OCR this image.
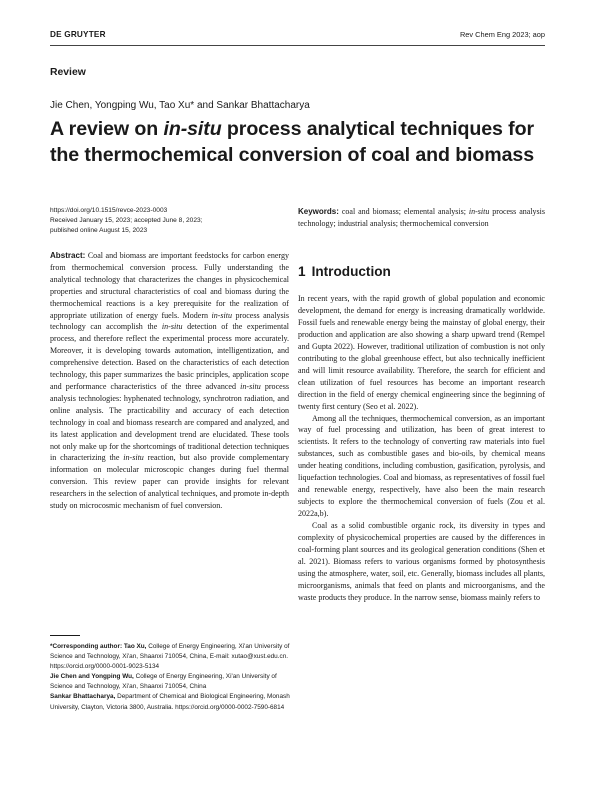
DE GRUYTER	Rev Chem Eng 2023; aop
Review
Jie Chen, Yongping Wu, Tao Xu* and Sankar Bhattacharya
A review on in-situ process analytical techniques for the thermochemical conversion of coal and biomass
https://doi.org/10.1515/revce-2023-0003
Received January 15, 2023; accepted June 8, 2023;
published online August 15, 2023
Keywords: coal and biomass; elemental analysis; in-situ process analysis technology; industrial analysis; thermochemical conversion
Abstract: Coal and biomass are important feedstocks for carbon energy from thermochemical conversion process. Fully understanding the analytical technology that characterizes the changes in physicochemical properties and structural characteristics of coal and biomass during the thermochemical reactions is a key prerequisite for the realization of appropriate utilization of energy fuels. Modern in-situ process analysis technology can accomplish the in-situ detection of the experimental process, and therefore reflect the experimental process more accurately. Moreover, it is developing towards automation, intelligentization, and comprehensive detection. Based on the characteristics of each detection technology, this paper summarizes the basic principles, application scope and performance characteristics of the three advanced in-situ process analysis technologies: hyphenated technology, synchrotron radiation, and online analysis. The practicability and accuracy of each detection technology in coal and biomass research are compared and analyzed, and its latest application and development trend are elucidated. These tools not only make up for the shortcomings of traditional detection techniques in characterizing the in-situ reaction, but also provide complementary information on molecular microscopic changes during fuel thermal conversion. This review paper can provide insights for relevant researchers in the selection of analytical techniques, and promote in-depth study on microcosmic mechanism of fuel conversion.
*Corresponding author: Tao Xu, College of Energy Engineering, Xi'an University of Science and Technology, Xi'an, Shaanxi 710054, China, E-mail: xutao@xust.edu.cn. https://orcid.org/0000-0001-9023-5134
Jie Chen and Yongping Wu, College of Energy Engineering, Xi'an University of Science and Technology, Xi'an, Shaanxi 710054, China
Sankar Bhattacharya, Department of Chemical and Biological Engineering, Monash University, Clayton, Victoria 3800, Australia. https://orcid.org/0000-0002-7590-6814
1 Introduction

In recent years, with the rapid growth of global population and economic development, the demand for energy is increasing dramatically worldwide. Fossil fuels and renewable energy being the mainstay of global energy, their production and application are also showing a sharp upward trend (Rempel and Gupta 2022). However, traditional utilization of combustion is not only contributing to the global greenhouse effect, but also technically inefficient and will limit resource availability. Therefore, the search for efficient and clean utilization of fuel resources has become an important research direction in the field of energy chemical engineering since the beginning of twenty first century (Seo et al. 2022).

Among all the techniques, thermochemical conversion, as an important way of fuel processing and utilization, has been of great interest to scientists. It refers to the technology of converting raw materials into fuel substances, such as combustible gases and bio-oils, by chemical means under heating conditions, including combustion, gasification, pyrolysis, and liquefaction technologies. Coal and biomass, as representatives of fossil fuel and renewable energy, respectively, have also been the main research subjects to explore the thermochemical conversion of fuels (Zou et al. 2022a,b).

Coal as a solid combustible organic rock, its diversity in types and complexity of physicochemical properties are caused by the differences in coal-forming plant sources and its geological generation conditions (Shen et al. 2021). Biomass refers to various organisms formed by photosynthesis using the atmosphere, water, soil, etc. Generally, biomass includes all plants, microorganisms, animals that feed on plants and microorganisms, and the waste products they produce. In the narrow sense, biomass mainly refers to
